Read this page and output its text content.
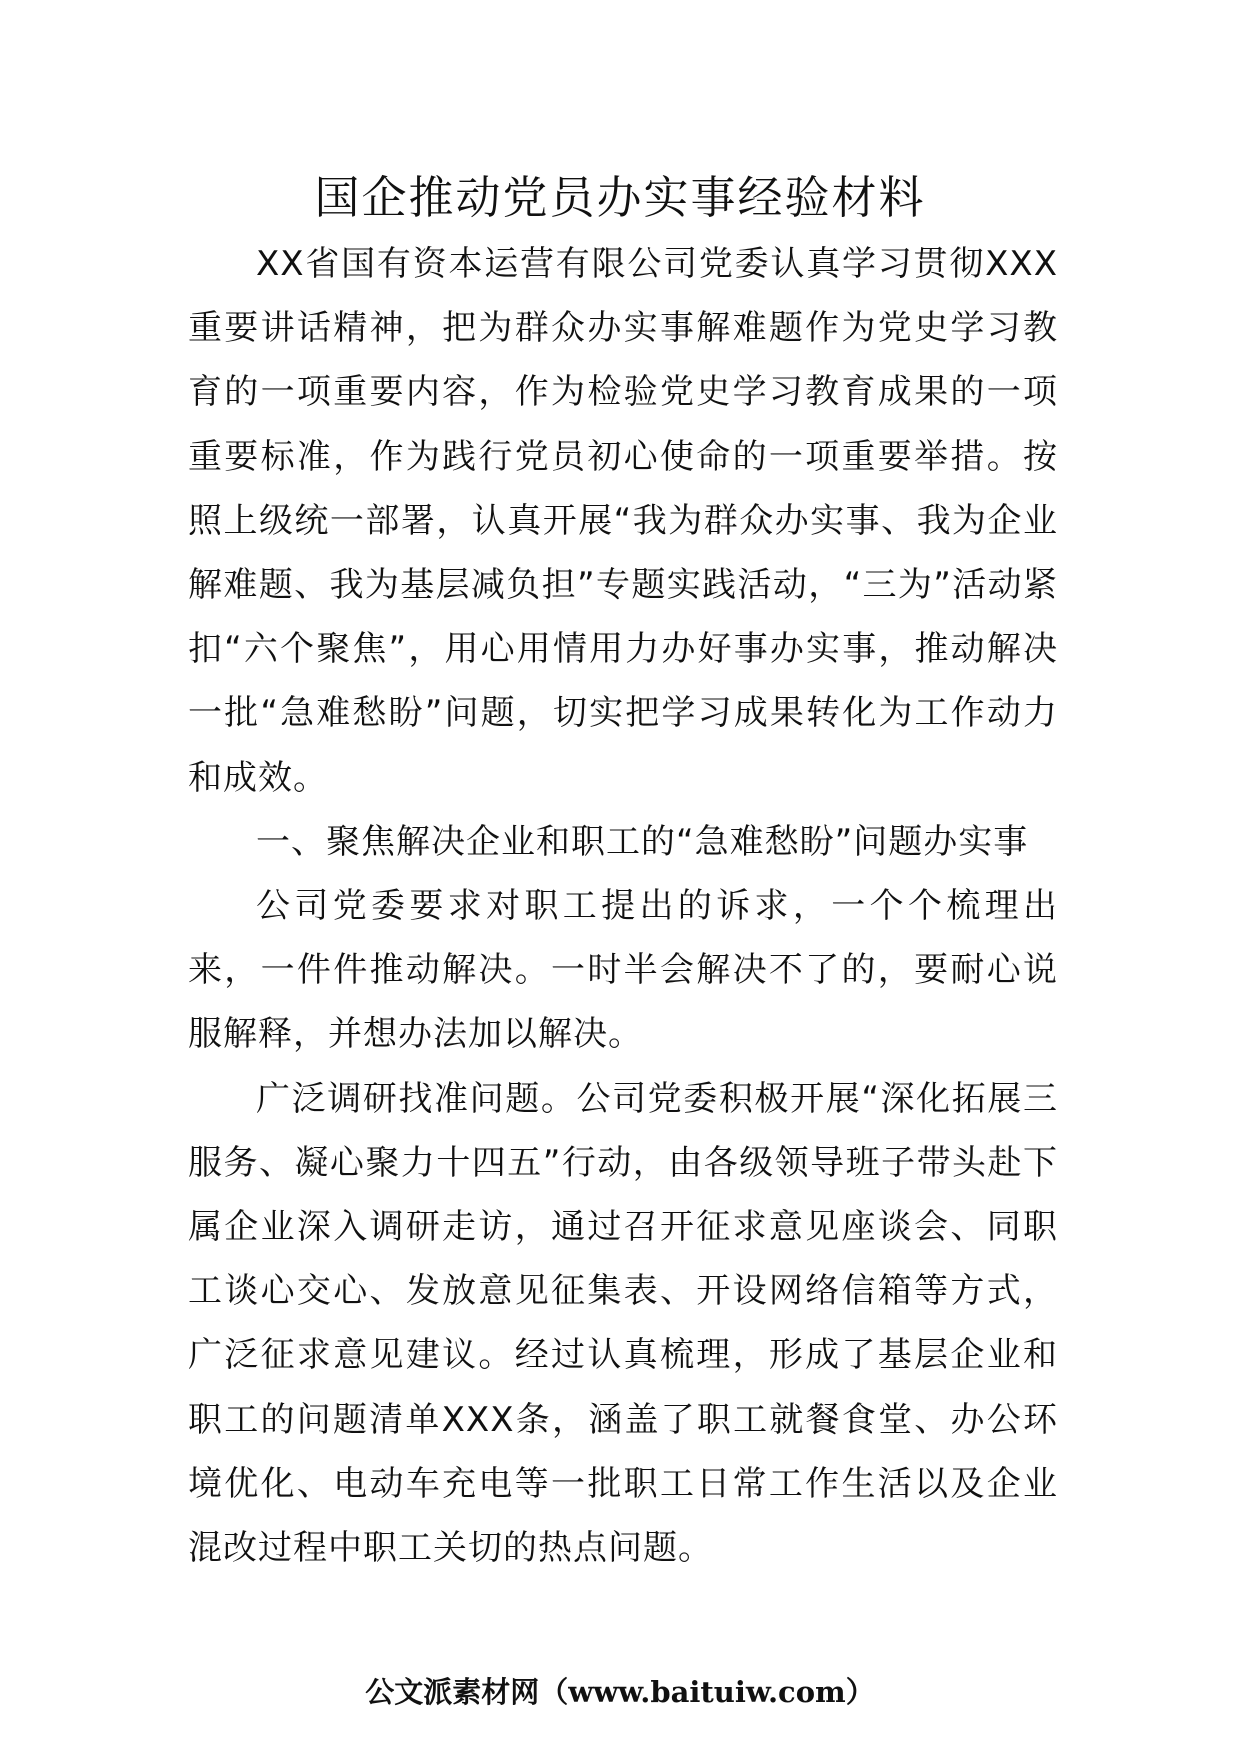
国企推动党员办实事经验材料

XX省国有资本运营有限公司党委认真学习贯彻XXX重要讲话精神，把为群众办实事解难题作为党史学习教育的一项重要内容，作为检验党史学习教育成果的一项重要标准，作为践行党员初心使命的一项重要举措。按照上级统一部署，认真开展“我为群众办实事、我为企业解难题、我为基层减负担”专题实践活动，“三为”活动紧扣“六个聚焦”，用心用情用力办好事办实事，推动解决一批“急难愁盼”问题，切实把学习成果转化为工作动力和成效。

一、聚焦解决企业和职工的“急难愁盼”问题办实事

公司党委要求对职工提出的诉求，一个个梳理出来，一件件推动解决。一时半会解决不了的，要耐心说服解释，并想办法加以解决。

广泛调研找准问题。公司党委积极开展“深化拓展三服务、凝心聚力十四五”行动，由各级领导班子带头赴下属企业深入调研走访，通过召开征求意见座谈会、同职工谈心交心、发放意见征集表、开设网络信箱等方式，广泛征求意见建议。经过认真梳理，形成了基层企业和职工的问题清单XXX条，涵盖了职工就餐食堂、办公环境优化、电动车充电等一批职工日常工作生活以及企业混改过程中职工关切的热点问题。

公文派素材网（www.baituiw.com）
